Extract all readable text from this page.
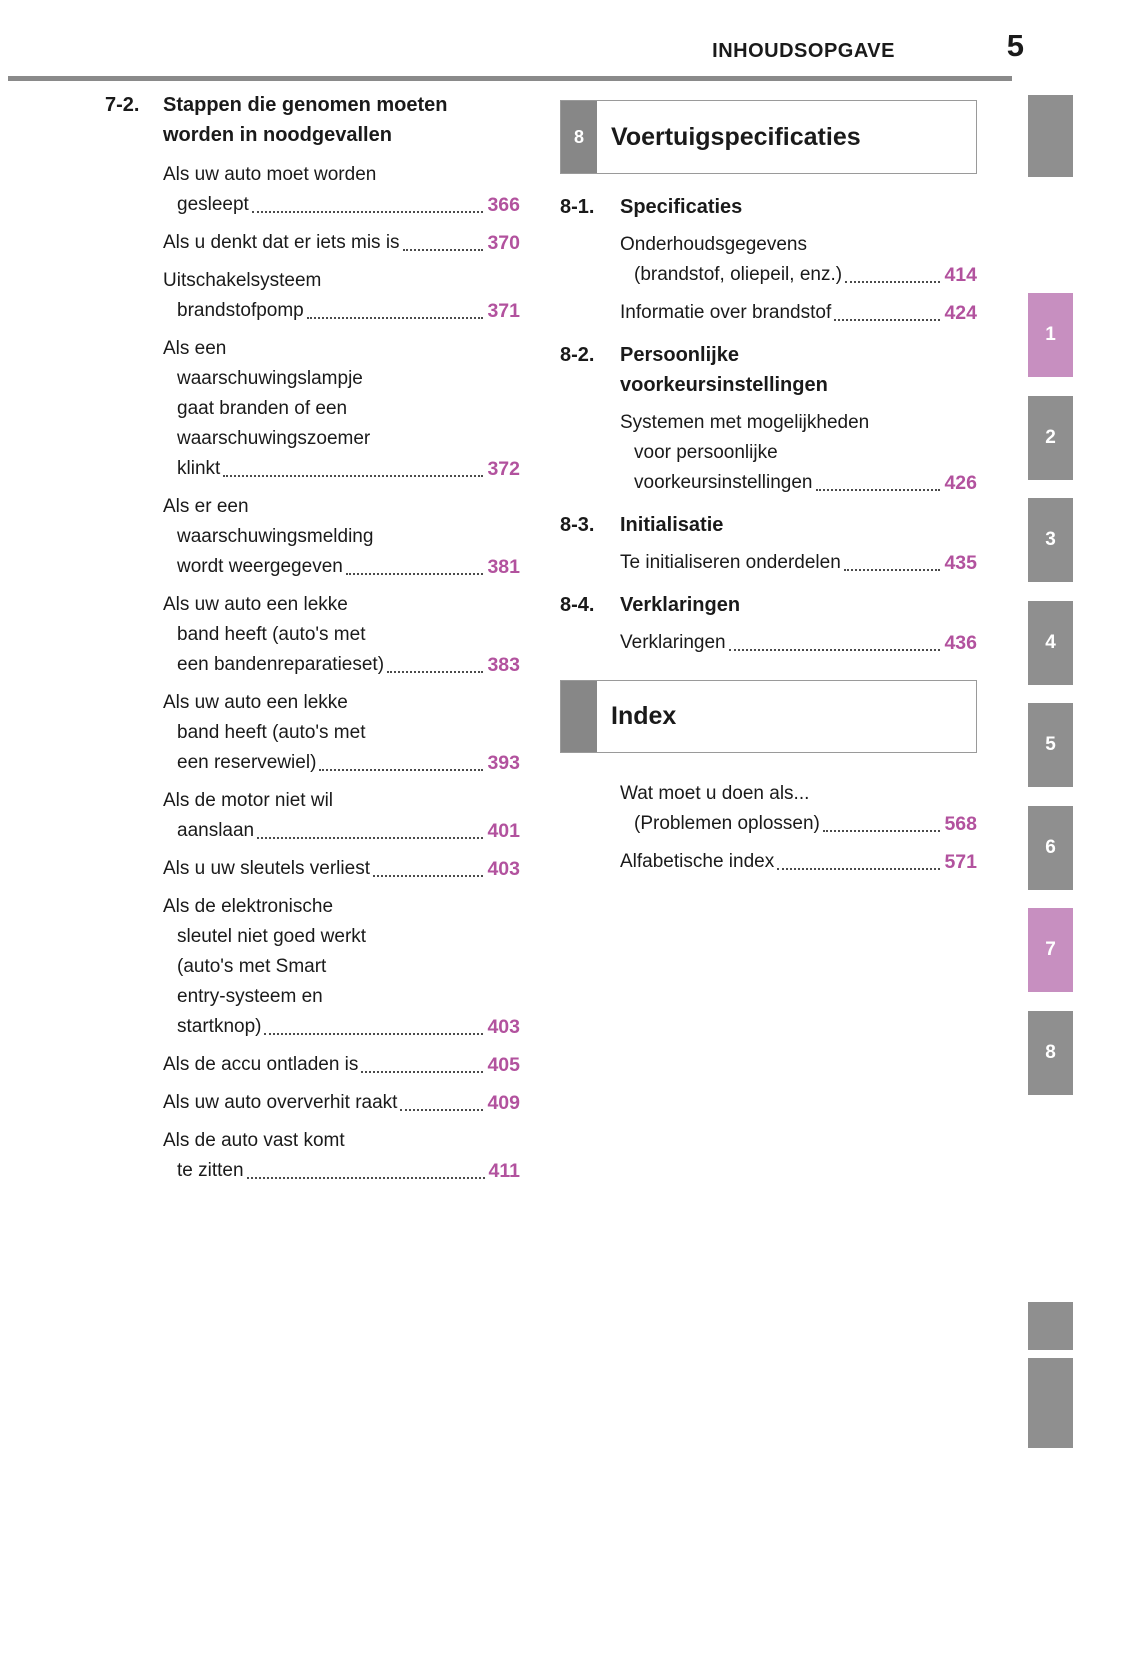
INHOUDSOPGAVE	5
7-2.	Stappen die genomen moeten
worden in noodgevallen
Als uw auto moet worden
gesleept	366
Als u denkt dat er iets mis is	370
Uitschakelsysteem
brandstofpomp	371
Als een
waarschuwingslampje
gaat branden of een
waarschuwingszoemer
klinkt	372
Als er een
waarschuwingsmelding
wordt weergegeven	381
Als uw auto een lekke
band heeft (auto's met
een bandenreparatieset)	383
Als uw auto een lekke
band heeft (auto's met
een reservewiel)	393
Als de motor niet wil
aanslaan	401
Als u uw sleutels verliest	403
Als de elektronische
sleutel niet goed werkt
(auto's met Smart
entry-systeem en
startknop)	403
Als de accu ontladen is	405
Als uw auto oververhit raakt	409
Als de auto vast komt
te zitten	411
8	Voertuigspecificaties
8-1.	Specificaties
Onderhoudsgegevens
(brandstof, oliepeil, enz.)	414
Informatie over brandstof	424
8-2.	Persoonlijke
voorkeursinstellingen
Systemen met mogelijkheden
voor persoonlijke
voorkeursinstellingen	426
8-3.	Initialisatie
Te initialiseren onderdelen	435
8-4.	Verklaringen
Verklaringen	436
Index
Wat moet u doen als...
(Problemen oplossen)	568
Alfabetische index	571
1
2
3
4
5
6
7
8
